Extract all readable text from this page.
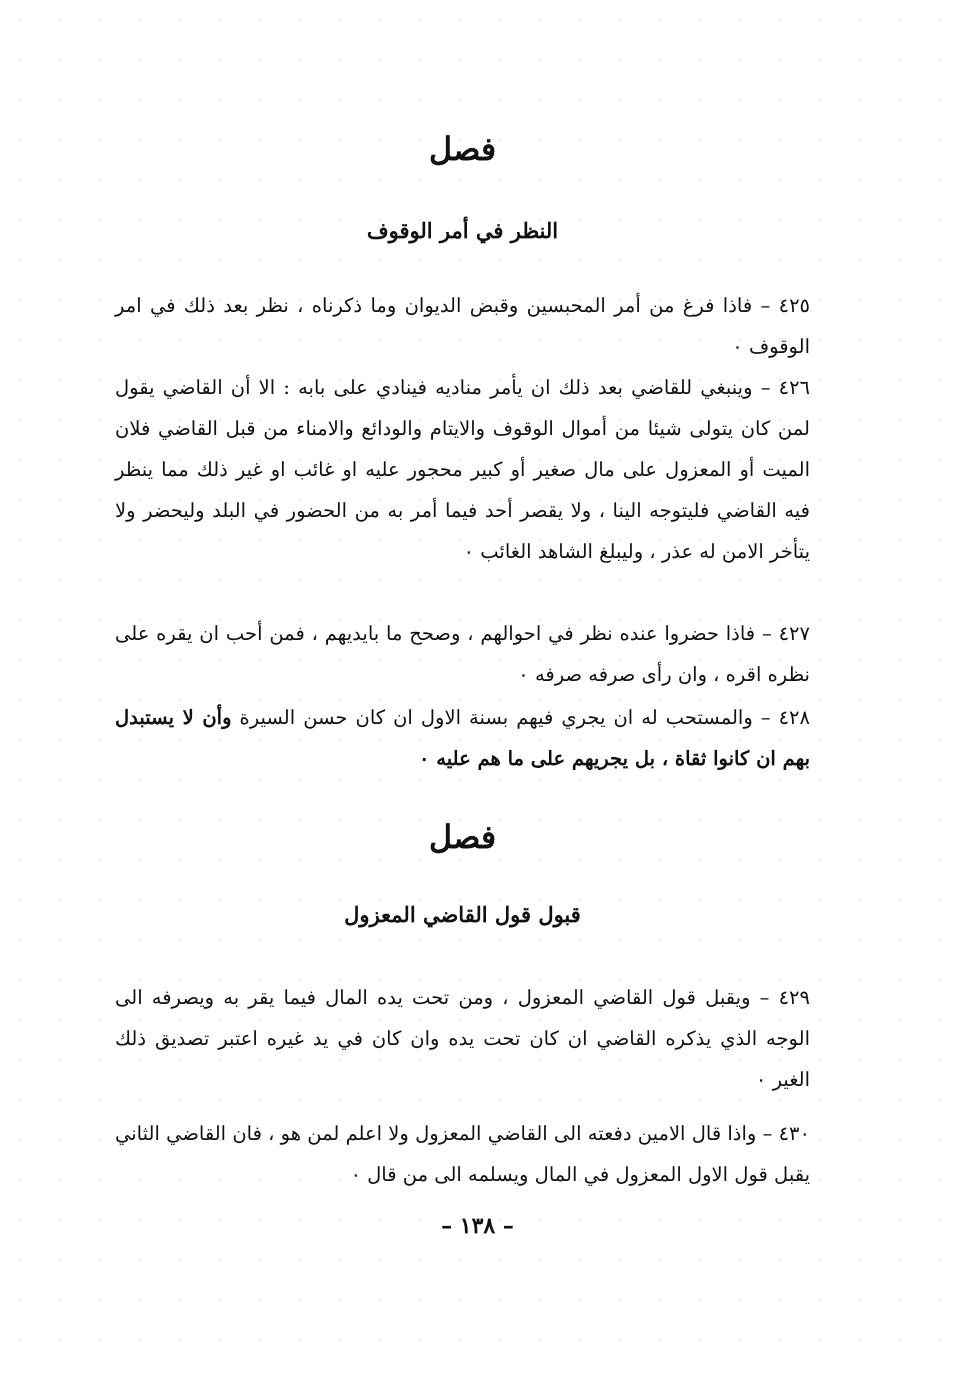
فصل
النظر في أمر الوقوف
٤٢٥ – فاذا فرغ من أمر المحبسين وقبض الديوان وما ذكرناه ، نظر بعد ذلك في امر الوقوف ٠
٤٢٦ – وينبغي للقاضي بعد ذلك ان يأمر مناديه فينادي على بابه : الا أن القاضي يقول لمن كان يتولى شيئا من أموال الوقوف والايتام والودائع والامناء من قبل القاضي فلان الميت أو المعزول على مال صغير أو كبير محجور عليه او غائب او غير ذلك مما ينظر فيه القاضي فليتوجه الينا ، ولا يقصر أحد فيما أمر به من الحضور في البلد وليحضر ولا يتأخر الامن له عذر ، وليبلغ الشاهد الغائب ٠
٤٢٧ – فاذا حضروا عنده نظر في احوالهم ، وصحح ما بايديهم ، فمن أحب ان يقره على نظره اقره ، وان رأى صرفه صرفه ٠
٤٢٨ – والمستحب له ان يجري فيهم بسنة الاول ان كان حسن السيرة وأن لا يستبدل بهم ان كانوا ثقاة ، بل يجريهم على ما هم عليه ٠
فصل
قبول قول القاضي المعزول
٤٢٩ – ويقبل قول القاضي المعزول ، ومن تحت يده المال فيما يقر به ويصرفه الى الوجه الذي يذكره القاضي ان كان تحت يده وان كان في يد غيره اعتبر تصديق ذلك الغير ٠
٤٣٠ – واذا قال الامين دفعته الى القاضي المعزول ولا اعلم لمن هو ، فان القاضي الثاني يقبل قول الاول المعزول في المال ويسلمه الى من قال ٠
– ١٣٨ –
